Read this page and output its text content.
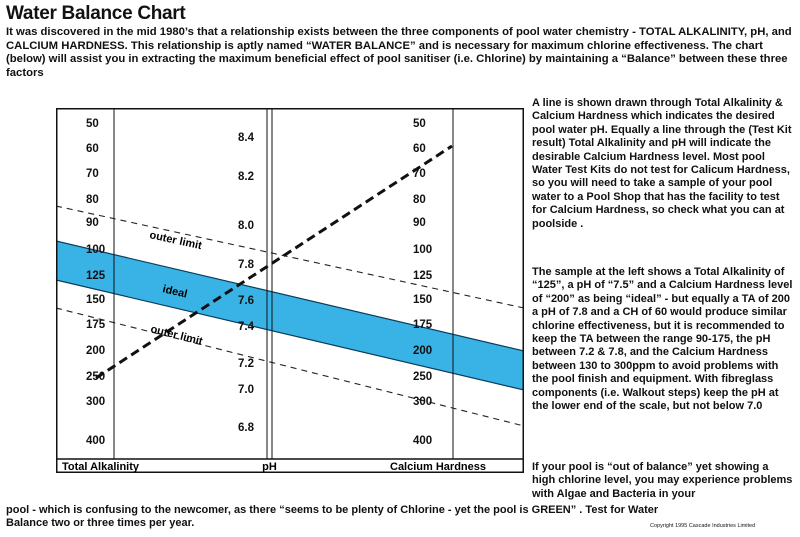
Water Balance Chart
It was discovered in the mid 1980’s that a relationship exists between the three components of pool water chemistry - TOTAL ALKALINITY, pH, and CALCIUM HARDNESS. This relationship is aptly named “WATER BALANCE” and is necessary for maximum chlorine effectiveness. The chart (below) will assist you in extracting the maximum beneficial effect of pool sanitiser (i.e. Chlorine) by maintaining a “Balance” between these three factors
50
60
70
80
90
100
125
150
175
200
250
300
400
8.4
8.2
8.0
7.8
7.6
7.4
7.2
7.0
6.8
50
60
70
80
90
100
125
150
175
200
250
300
400
outer limit
ideal
outer limit
Total Alkalinity	pH	Calcium Hardness
A line is shown drawn through Total Alkalinity & Calcium Hardness which indicates the desired pool water pH. Equally a line through the (Test Kit result) Total Alkalinity and pH will indicate the desirable Calcium Hardness level. Most pool Water Test Kits do not test for Calicum Hardness, so you will need to take a sample of your pool water to a Pool Shop that has the facility to test for Calcium Hardness, so check what you can at poolside .
The sample at the left shows a Total Alkalinity of “125”, a pH of “7.5” and a Calcium Hardness level of “200” as being “ideal” - but equally a TA of 200 a pH of 7.8 and a CH of 60 would produce similar chlorine effectiveness, but it is recommended to keep the TA between the range 90-175, the pH between 7.2 & 7.8, and the Calcium Hardness between 130 to 300ppm to avoid problems with the pool finish and equipment. With fibreglass components (i.e. Walkout steps) keep the pH at the lower end of the scale, but not below 7.0
If your pool is “out of balance” yet showing a high chlorine level, you may experience problems with Algae and Bacteria in your
pool - which is confusing to the newcomer, as there “seems to be plenty of Chlorine - yet the pool is GREEN” . Test for Water Balance two or three times per year.	Copyright 1995 Cascade Industries Limited
